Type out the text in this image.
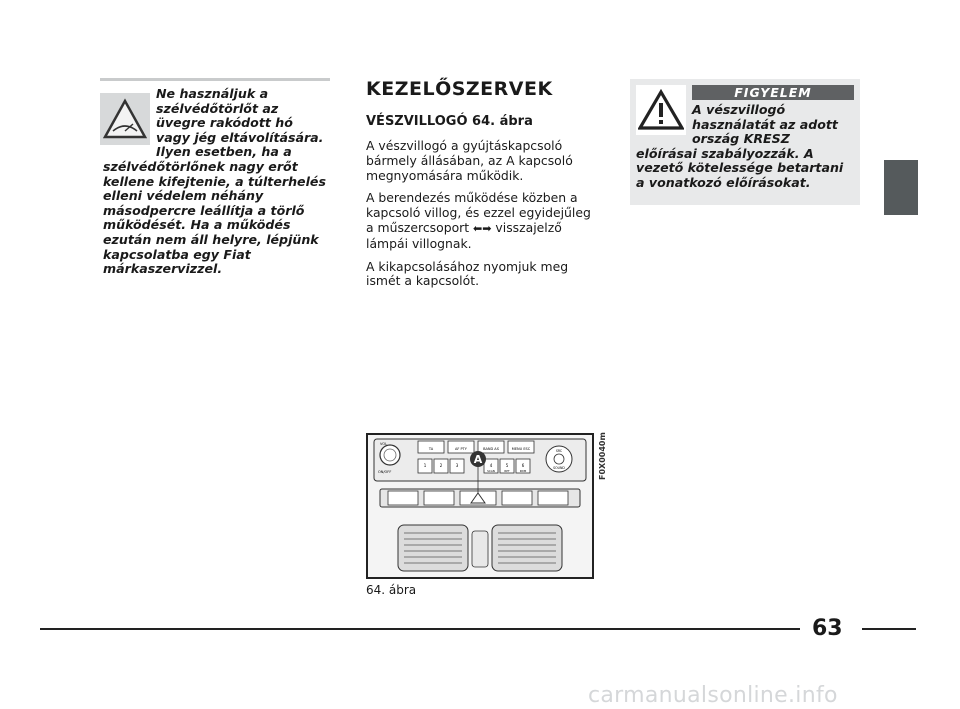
Ne használjuk a szélvédőtörlőt az üvegre rakódott hó vagy jég eltávolítására. Ilyen esetben, ha a szélvédőtörlőnek nagy erőt kellene kifejtenie, a túlterhelés elleni védelem néhány másodpercre leállítja a törlő működését. Ha a működés ezután nem áll helyre, lépjünk kapcsolatba egy Fiat márkaszervizzel.

KEZELŐSZERVEK
VÉSZVILLOGÓ 64. ábra

A vészvillogó a gyújtáskapcsoló bármely állásában, az A kapcsoló megnyomására működik.

A berendezés működése közben a kapcsoló villog, és ezzel egyidejűleg a műszercsoport ⬅➡ visszajelző lámpái villognak.

A kikapcsolásához nyomjuk meg ismét a kapcsolót.

VOL
ON/OFF
TA	AF PTY	BAND AS	MENU ESC	SRC
SOUND
1	2	3	4	5	6
SCAN	RPT	RDM
A	F0X0040m
64. ábra
FIGYELEM

A vészvillogó használatát az adott ország KRESZ előírásai szabályozzák. A vezető kötelessége betartani a vonatkozó előírásokat.

63
carmanualsonline.info
